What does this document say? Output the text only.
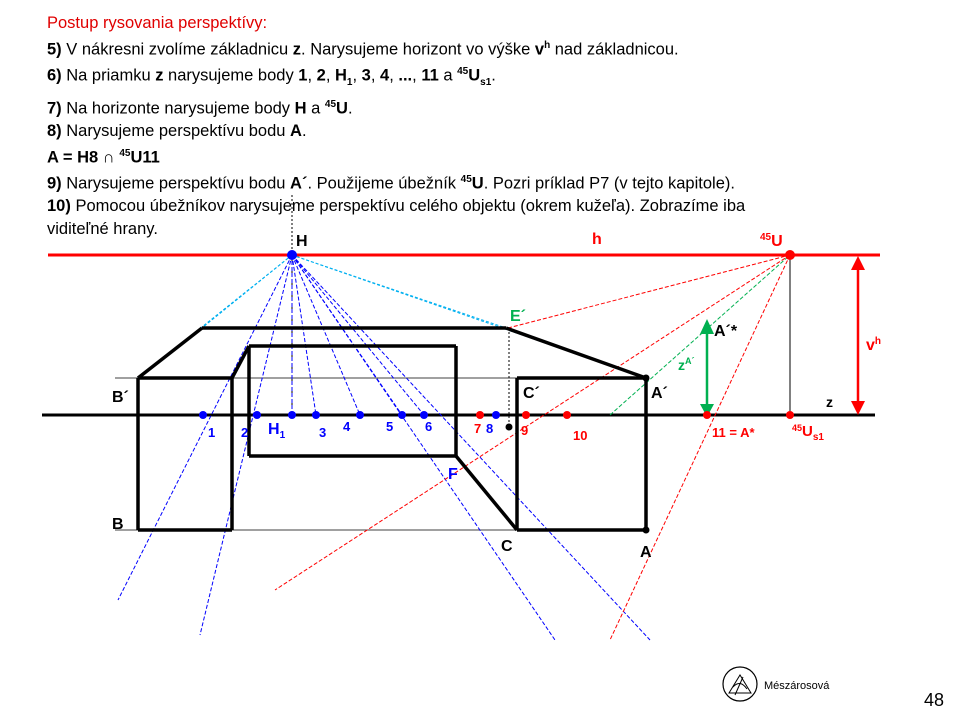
Postup rysovania perspektívy:
5) V nákresni zvolíme základnicu z. Narysujeme horizont vo výške $v^h$ nad základnicou.
6) Na priamku z narysujeme body 1, 2, $H_1$, 3, 4, ..., 11 a $^{45}U_{s1}$.
7) Na horizonte narysujeme body H a $^{45}$U.
8) Narysujeme perspektívu bodu A.
A = H8 ∩ $^{45}$U11
9) Narysujeme perspektívu bodu A´. Použijeme úbežník $^{45}$U. Pozri príklad P7 (v tejto kapitole).
10) Pomocou úbežníkov narysujeme perspektívu celého objektu (okrem kužeľa). Zobrazíme iba
viditeľné hrany.
H	h	$^{45}$U
E´
A´*
$v^h$
$z^{A´}$
B´	C´	A´	z
1 2 $H_1$	3 4	5 6	7 8 9	10	11 = A*	$^{45}U_{s1}$
F
B
C	A
Mészárosová
48
